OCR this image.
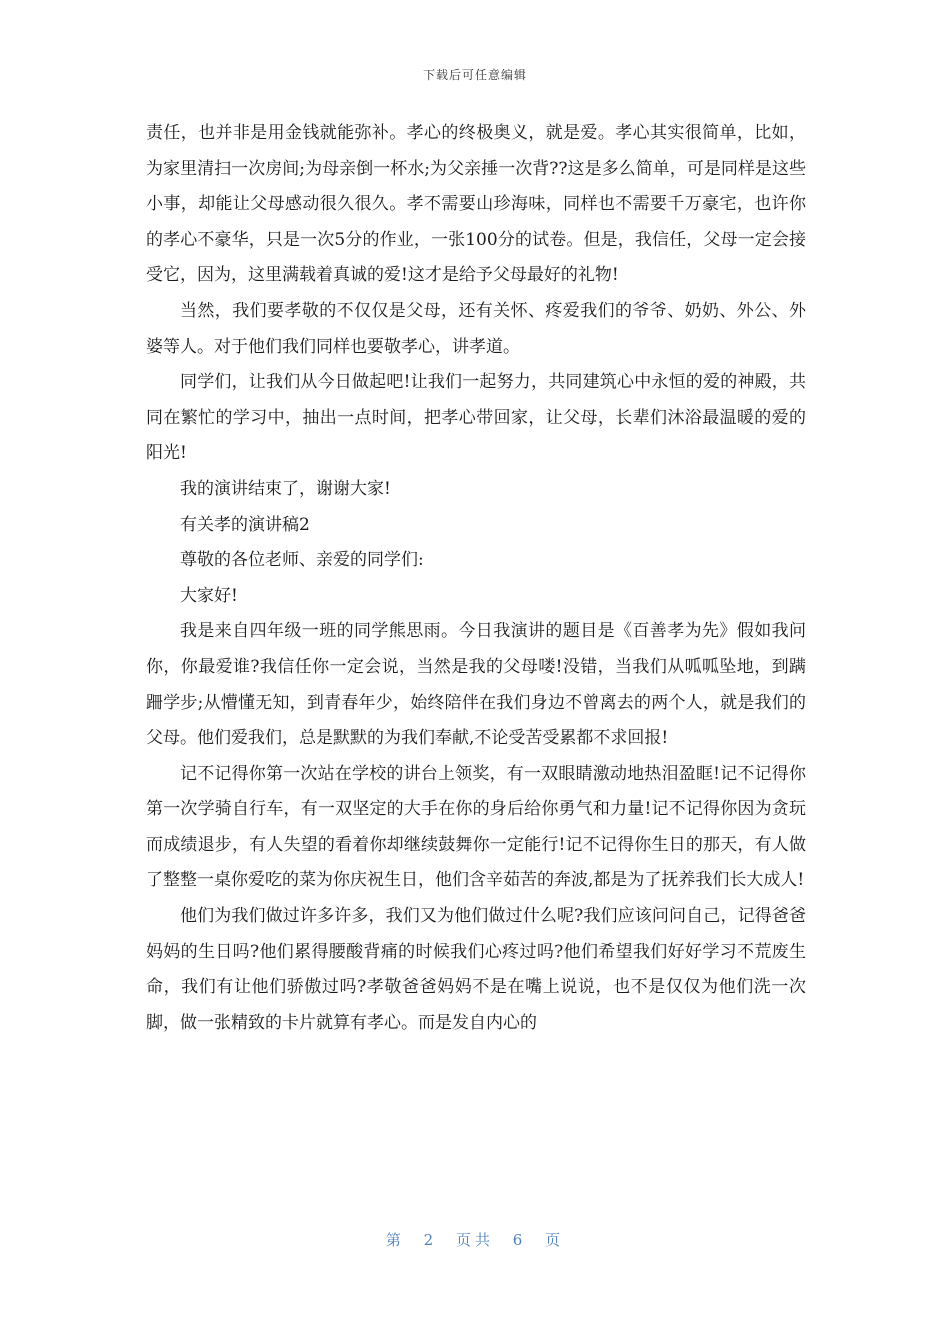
下载后可任意编辑

责任，也并非是用金钱就能弥补。孝心的终极奥义，就是爱。孝心其实很简单，比如，为家里清扫一次房间;为母亲倒一杯水;为父亲捶一次背??这是多么简单，可是同样是这些小事，却能让父母感动很久很久。孝不需要山珍海味，同样也不需要千万豪宅，也许你的孝心不豪华，只是一次5分的作业，一张100分的试卷。但是，我信任，父母一定会接受它，因为，这里满载着真诚的爱!这才是给予父母最好的礼物!

当然，我们要孝敬的不仅仅是父母，还有关怀、疼爱我们的爷爷、奶奶、外公、外婆等人。对于他们我们同样也要敬孝心，讲孝道。

同学们，让我们从今日做起吧!让我们一起努力，共同建筑心中永恒的爱的神殿，共同在繁忙的学习中，抽出一点时间，把孝心带回家，让父母，长辈们沐浴最温暖的爱的阳光!

我的演讲结束了，谢谢大家!

有关孝的演讲稿2

尊敬的各位老师、亲爱的同学们:

大家好!

我是来自四年级一班的同学熊思雨。今日我演讲的题目是《百善孝为先》假如我问你，你最爱谁?我信任你一定会说，当然是我的父母喽!没错，当我们从呱呱坠地，到蹒跚学步;从懵懂无知，到青春年少，始终陪伴在我们身边不曾离去的两个人，就是我们的父母。他们爱我们，总是默默的为我们奉献,不论受苦受累都不求回报!

记不记得你第一次站在学校的讲台上领奖，有一双眼睛激动地热泪盈眶!记不记得你第一次学骑自行车，有一双坚定的大手在你的身后给你勇气和力量!记不记得你因为贪玩而成绩退步，有人失望的看着你却继续鼓舞你一定能行!记不记得你生日的那天，有人做了整整一桌你爱吃的菜为你庆祝生日，他们含辛茹苦的奔波,都是为了抚养我们长大成人!

他们为我们做过许多许多，我们又为他们做过什么呢?我们应该问问自己，记得爸爸妈妈的生日吗?他们累得腰酸背痛的时候我们心疼过吗?他们希望我们好好学习不荒废生命，我们有让他们骄傲过吗?孝敬爸爸妈妈不是在嘴上说说，也不是仅仅为他们洗一次脚，做一张精致的卡片就算有孝心。而是发自内心的

第 2 页共 6 页
